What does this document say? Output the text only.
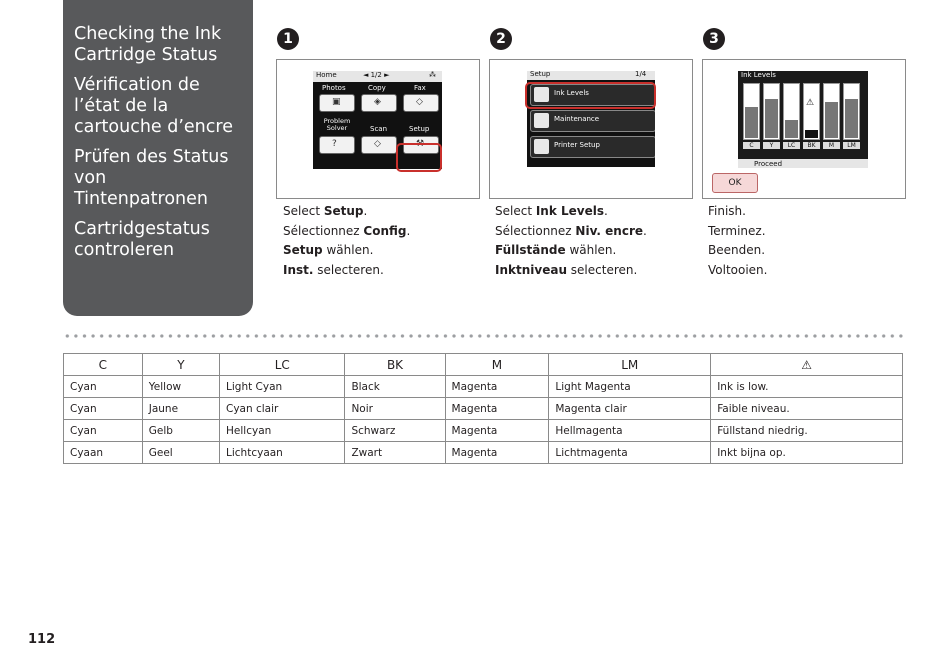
Checking the Ink Cartridge Status
Vérification de l’état de la cartouche d’encre
Prüfen des Status von Tintenpatronen
Cartridgestatus controleren
1	2	3
Home	◄ 1/2 ►	⁂
Photos	Copy	Fax
▣	◈	◇
Problem Solver	Scan	Setup
?	◇	⚒
Setup	1/4
Ink Levels
Maintenance
Printer Setup
Ink Levels
C	Y	LC
⚠
BK	M	LM
Proceed
OK
Select Setup.
Sélectionnez Config.
Setup wählen.
Inst. selecteren.
Select Ink Levels.
Sélectionnez Niv. encre.
Füllstände wählen.
Inktniveau selecteren.
Finish.
Terminez.
Beenden.
Voltooien.
C	Y	LC	BK	M	LM	⚠
Cyan	Yellow	Light Cyan	Black	Magenta	Light Magenta	Ink is low.
Cyan	Jaune	Cyan clair	Noir	Magenta	Magenta clair	Faible niveau.
Cyan	Gelb	Hellcyan	Schwarz	Magenta	Hellmagenta	Füllstand niedrig.
Cyaan	Geel	Lichtcyaan	Zwart	Magenta	Lichtmagenta	Inkt bijna op.
112
